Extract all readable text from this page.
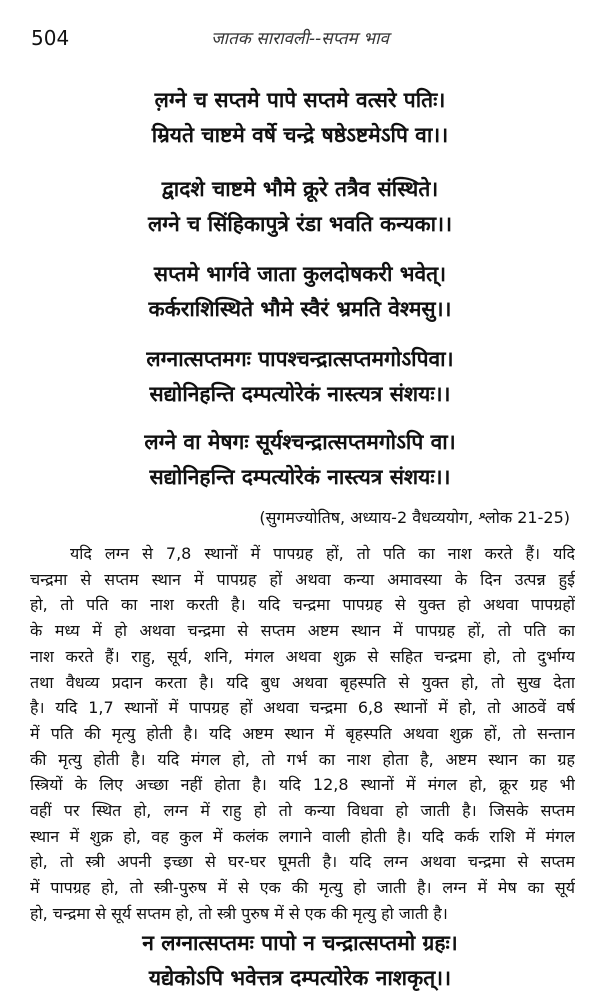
504	जातक सारावली--सप्तम भाव
ल़ग्ने च सप्तमे पापे सप्तमे वत्सरे पतिः।
म्रियते चाष्टमे वर्षे चन्द्रे षष्ठेऽष्टमेऽपि वा।।
द्वादशे चाष्टमे भौमे क्रूरे तत्रैव संस्थिते।
लग्ने च सिंहिकापुत्रे रंडा भवति कन्यका।।
सप्तमे भार्गवे जाता कुलदोषकरी भवेत्।
कर्कराशिस्थिते भौमे स्वैरं भ्रमति वेश्मसु।।
लग्नात्सप्तमगः पापश्चन्द्रात्सप्तमगोऽपिवा।
सद्योनिहन्ति दम्पत्योरेकं नास्त्यत्र संशयः।।
लग्ने वा मेषगः सूर्यश्चन्द्रात्सप्तमगोऽपि वा।
सद्योनिहन्ति दम्पत्योरेकं नास्त्यत्र संशयः।।
(सुगमज्योतिष, अध्याय-2 वैधव्ययोग, श्लोक 21-25)
यदि लग्न से 7,8 स्थानों में पापग्रह हों, तो पति का नाश करते हैं। यदि
चन्द्रमा से सप्तम स्थान में पापग्रह हों अथवा कन्या अमावस्या के दिन उत्पन्न हुई
हो, तो पति का नाश करती है। यदि चन्द्रमा पापग्रह से युक्त हो अथवा पापग्रहों
के मध्य में हो अथवा चन्द्रमा से सप्तम अष्टम स्थान में पापग्रह हों, तो पति का
नाश करते हैं। राहु, सूर्य, शनि, मंगल अथवा शुक्र से सहित चन्द्रमा हो, तो दुर्भाग्य
तथा वैधव्य प्रदान करता है। यदि बुध अथवा बृहस्पति से युक्त हो, तो सुख देता
है। यदि 1,7 स्थानों में पापग्रह हों अथवा चन्द्रमा 6,8 स्थानों में हो, तो आठवें वर्ष
में पति की मृत्यु होती है। यदि अष्टम स्थान में बृहस्पति अथवा शुक्र हों, तो सन्तान
की मृत्यु होती है। यदि मंगल हो, तो गर्भ का नाश होता है, अष्टम स्थान का ग्रह
स्त्रियों के लिए अच्छा नहीं होता है। यदि 12,8 स्थानों में मंगल हो, क्रूर ग्रह भी
वहीं पर स्थित हो, लग्न में राहु हो तो कन्या विधवा हो जाती है। जिसके सप्तम
स्थान में शुक्र हो, वह कुल में कलंक लगाने वाली होती है। यदि कर्क राशि में मंगल
हो, तो स्त्री अपनी इच्छा से घर-घर घूमती है। यदि लग्न अथवा चन्द्रमा से सप्तम
में पापग्रह हो, तो स्त्री-पुरुष में से एक की मृत्यु हो जाती है। लग्न में मेष का सूर्य
हो, चन्द्रमा से सूर्य सप्तम हो, तो स्त्री पुरुष में से एक की मृत्यु हो जाती है।
न लग्नात्सप्तमः पापो न चन्द्रात्सप्तमो ग्रहः।
यद्येकोऽपि भवेत्तत्र दम्पत्योरेक नाशकृत्।।
